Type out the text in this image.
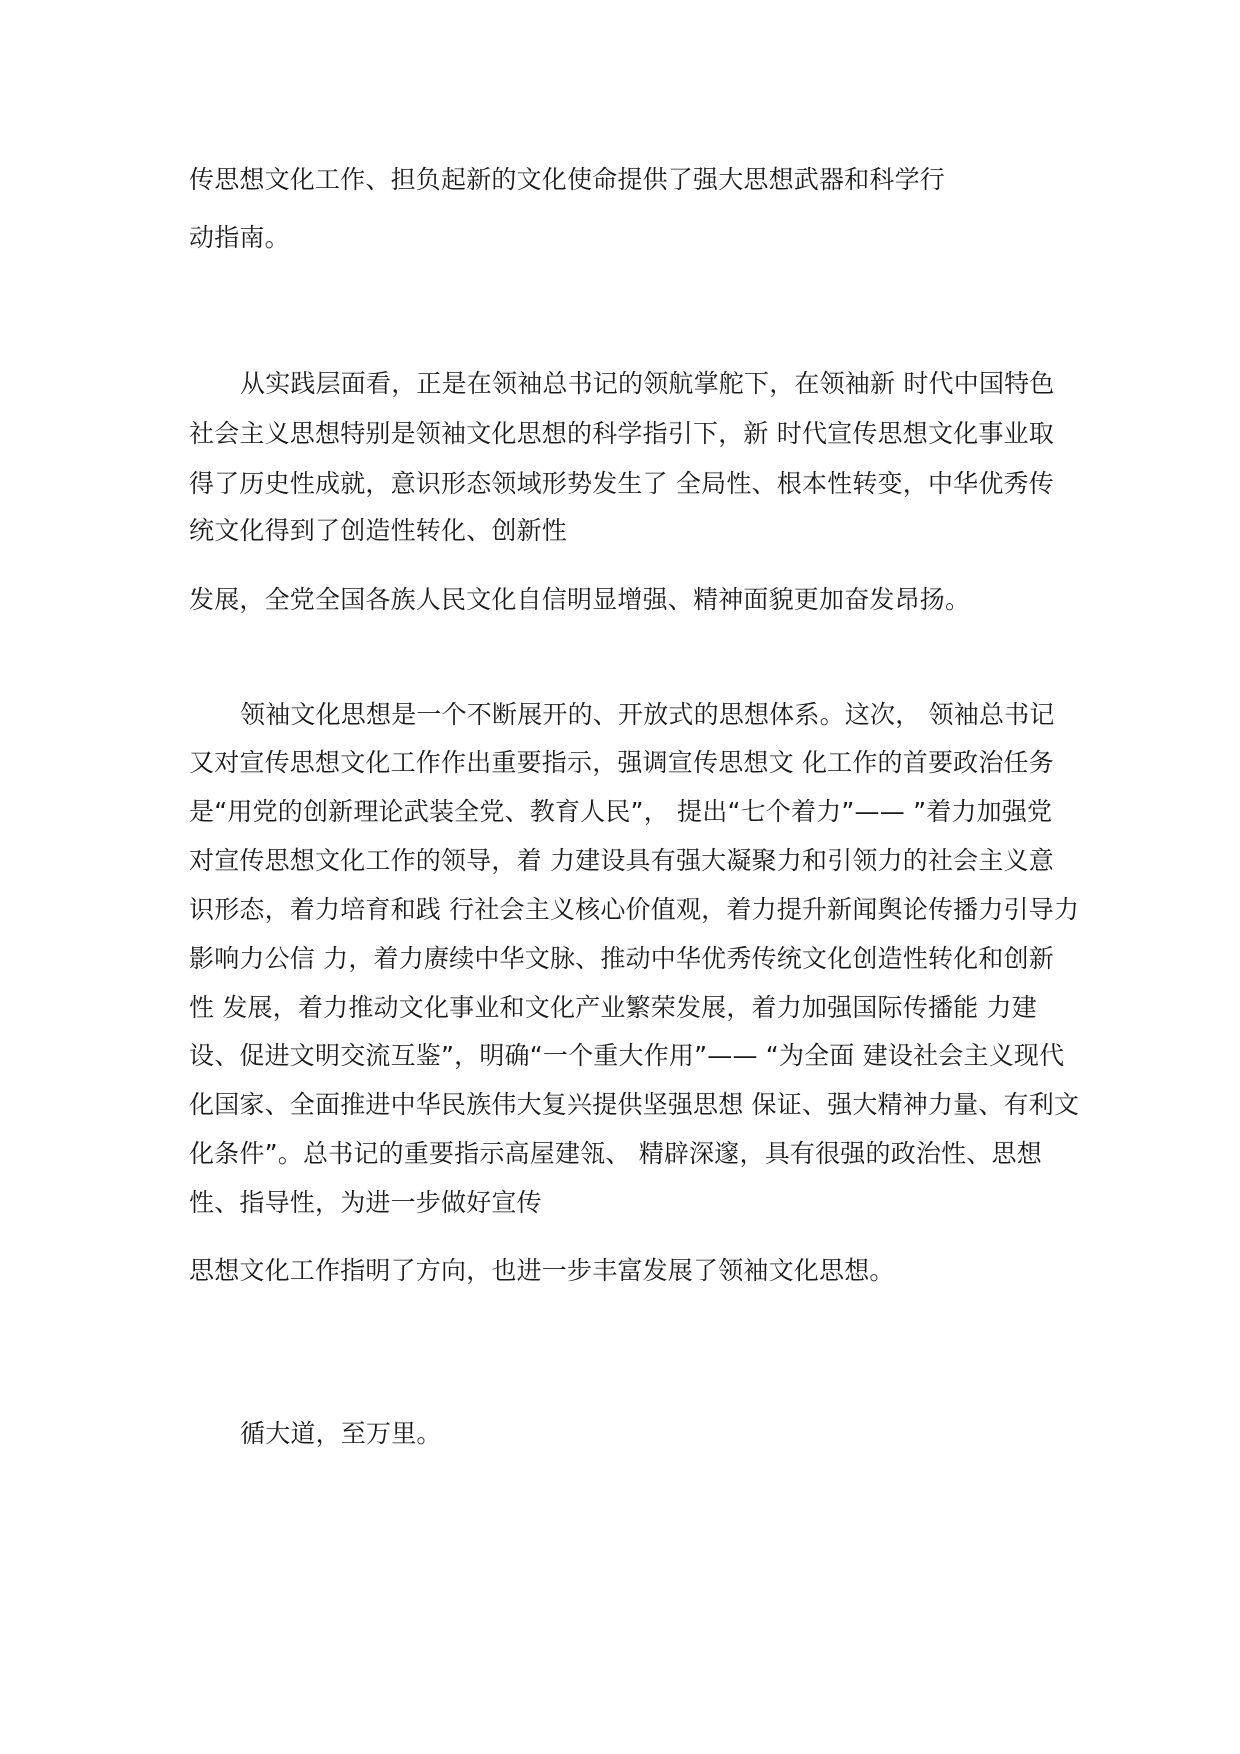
传思想文化工作、担负起新的文化使命提供了强大思想武器和科学行
动指南。
从实践层面看，正是在领袖总书记的领航掌舵下，在领袖新 时代中国特色
社会主义思想特别是领袖文化思想的科学指引下，新 时代宣传思想文化事业取
得了历史性成就，意识形态领域形势发生了 全局性、根本性转变，中华优秀传
统文化得到了创造性转化、创新性
发展，全党全国各族人民文化自信明显增强、精神面貌更加奋发昂扬。
领袖文化思想是一个不断展开的、开放式的思想体系。这次， 领袖总书记
又对宣传思想文化工作作出重要指示，强调宣传思想文 化工作的首要政治任务
是“用党的创新理论武装全党、教育人民”， 提出“七个着力”—— ”着力加强党
对宣传思想文化工作的领导，着 力建设具有强大凝聚力和引领力的社会主义意
识形态，着力培育和践 行社会主义核心价值观，着力提升新闻舆论传播力引导力
影响力公信 力，着力赓续中华文脉、推动中华优秀传统文化创造性转化和创新
性 发展，着力推动文化事业和文化产业繁荣发展，着力加强国际传播能 力建
设、促进文明交流互鉴”，明确“一个重大作用”—— “为全面 建设社会主义现代
化国家、全面推进中华民族伟大复兴提供坚强思想 保证、强大精神力量、有利文
化条件”。总书记的重要指示高屋建瓴、 精辟深邃，具有很强的政治性、思想
性、指导性，为进一步做好宣传
思想文化工作指明了方向，也进一步丰富发展了领袖文化思想。
循大道，至万里。
